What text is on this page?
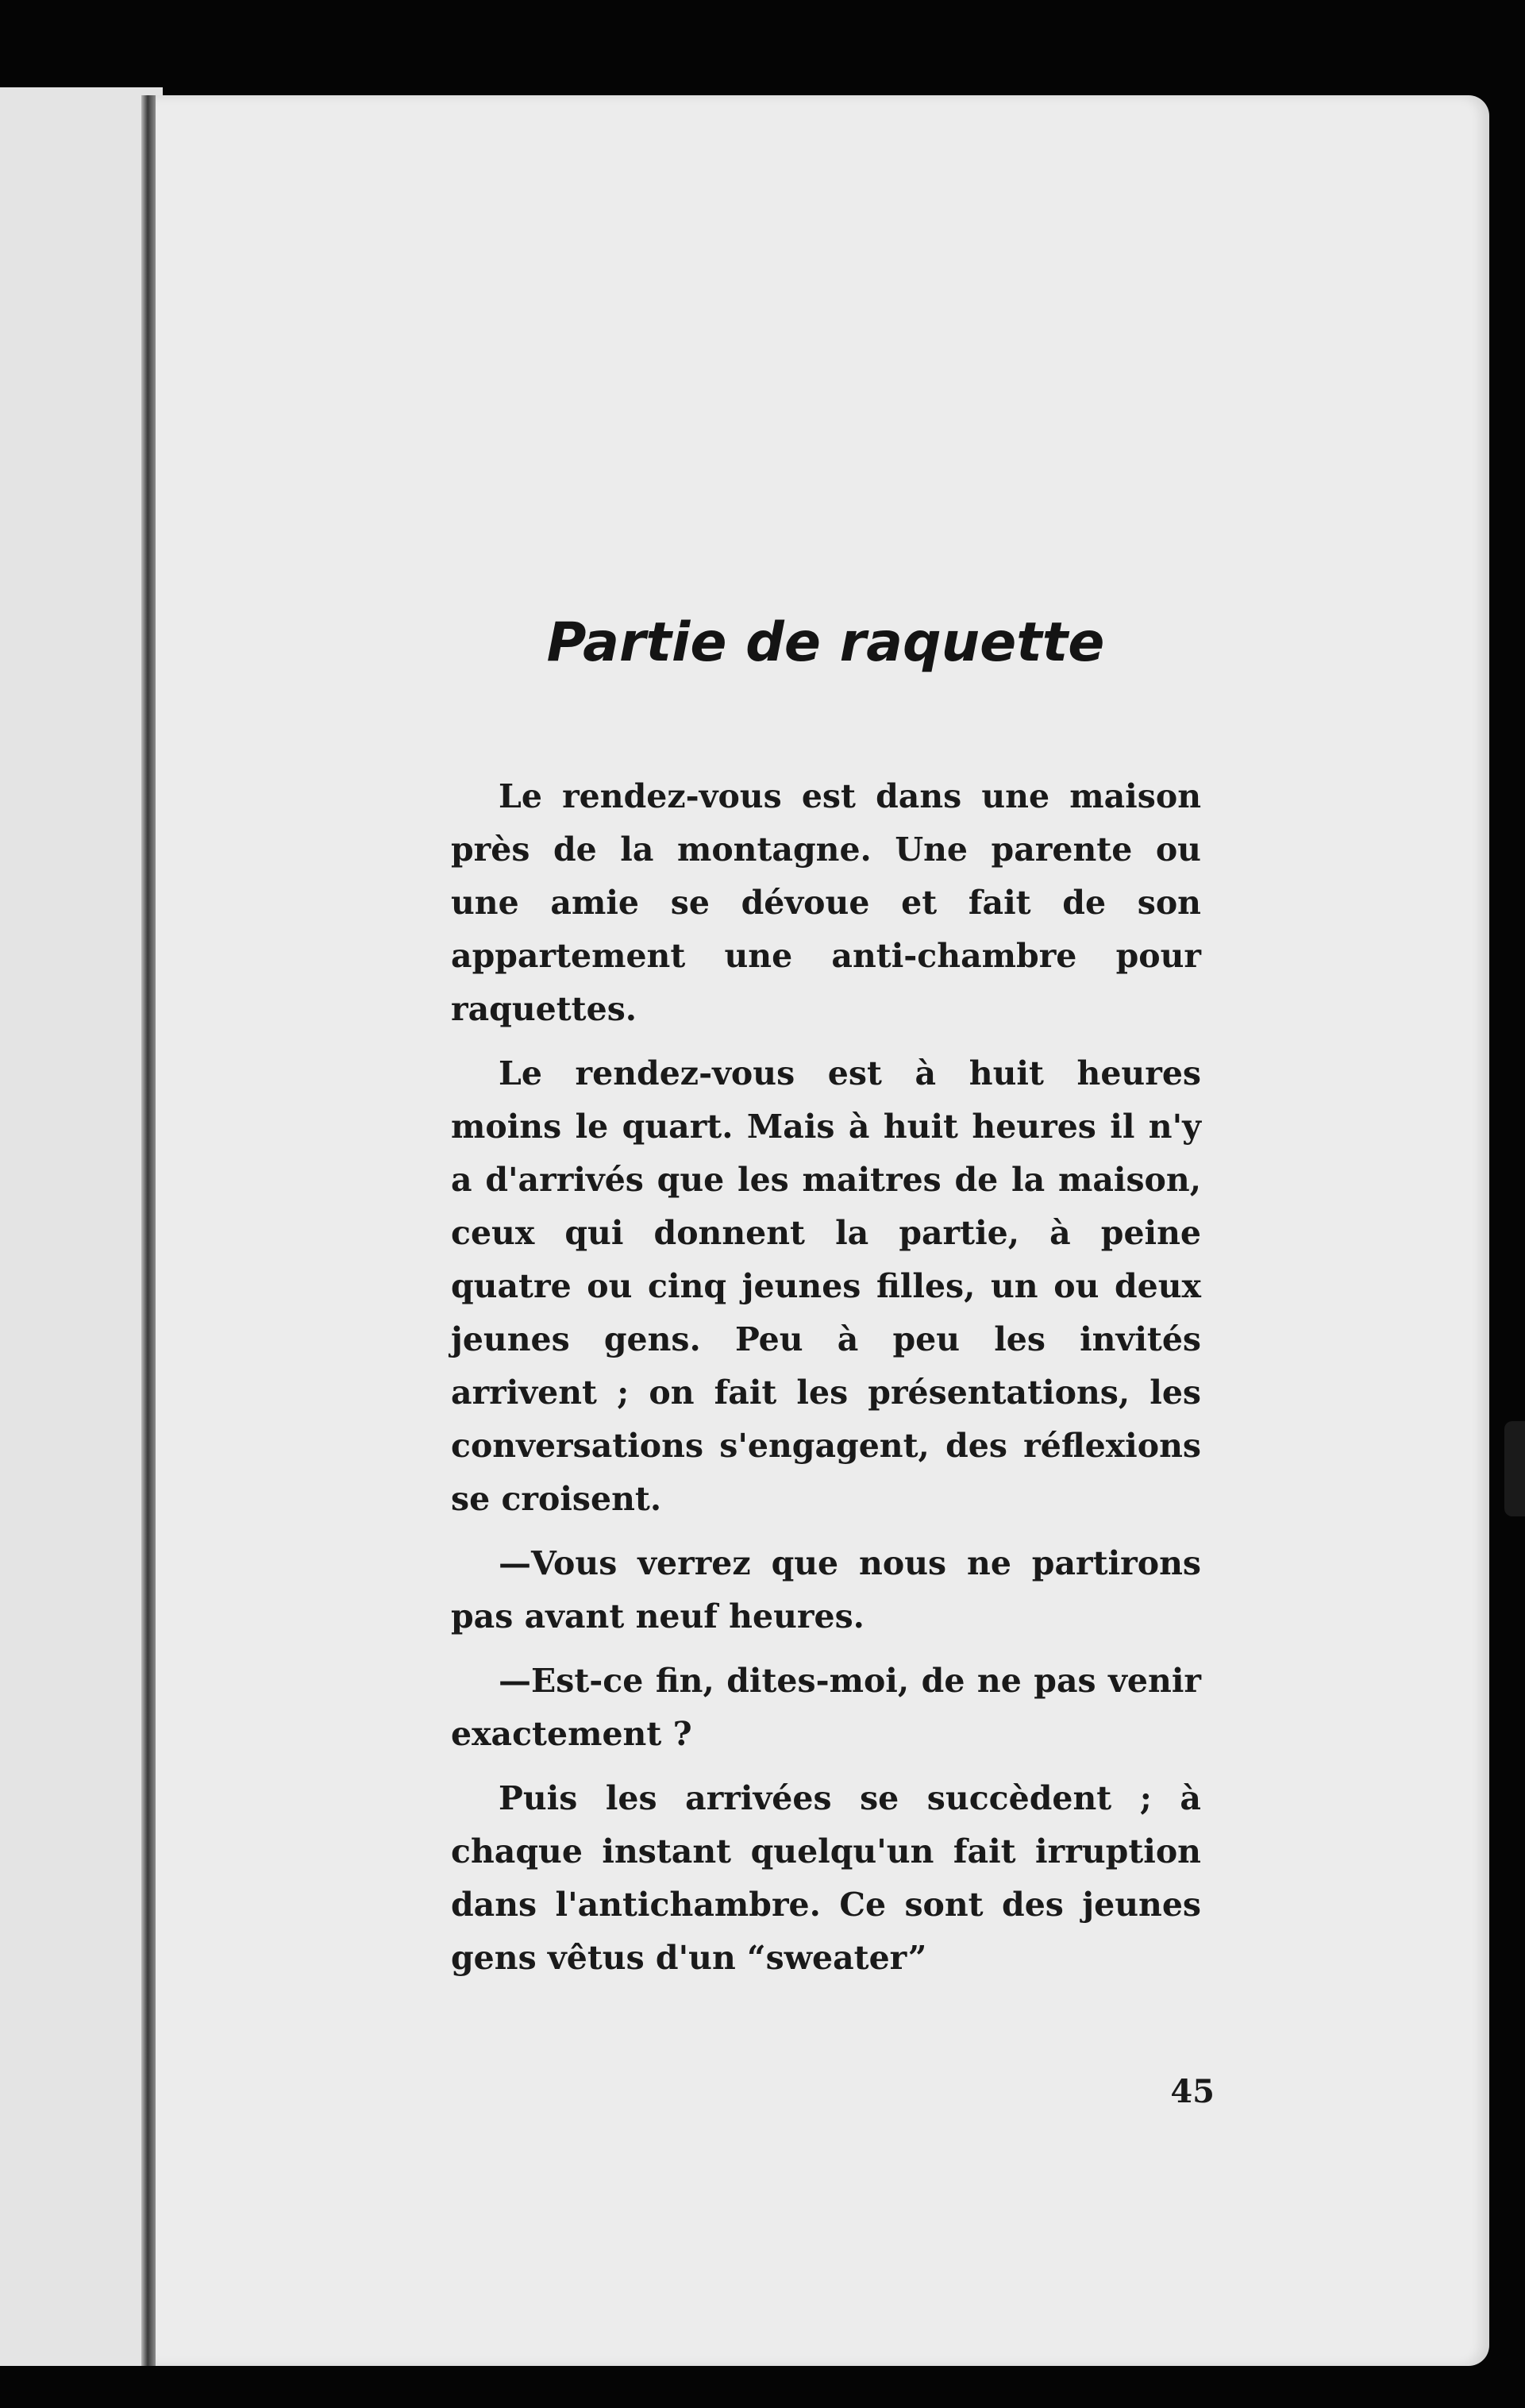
Partie de raquette

Le rendez-vous est dans une maison près de la montagne. Une parente ou une amie se dévoue et fait de son appartement une anti-chambre pour raquettes.

Le rendez-vous est à huit heures moins le quart. Mais à huit heures il n'y a d'arrivés que les maitres de la maison, ceux qui donnent la partie, à peine quatre ou cinq jeunes filles, un ou deux jeunes gens. Peu à peu les invités arrivent ; on fait les présentations, les conversations s'engagent, des réflexions se croisent.

—Vous verrez que nous ne partirons pas avant neuf heures.

—Est-ce fin, dites-moi, de ne pas venir exactement ?

Puis les arrivées se succèdent ; à chaque instant quelqu'un fait irruption dans l'antichambre. Ce sont des jeunes gens vêtus d'un “sweater”

45
